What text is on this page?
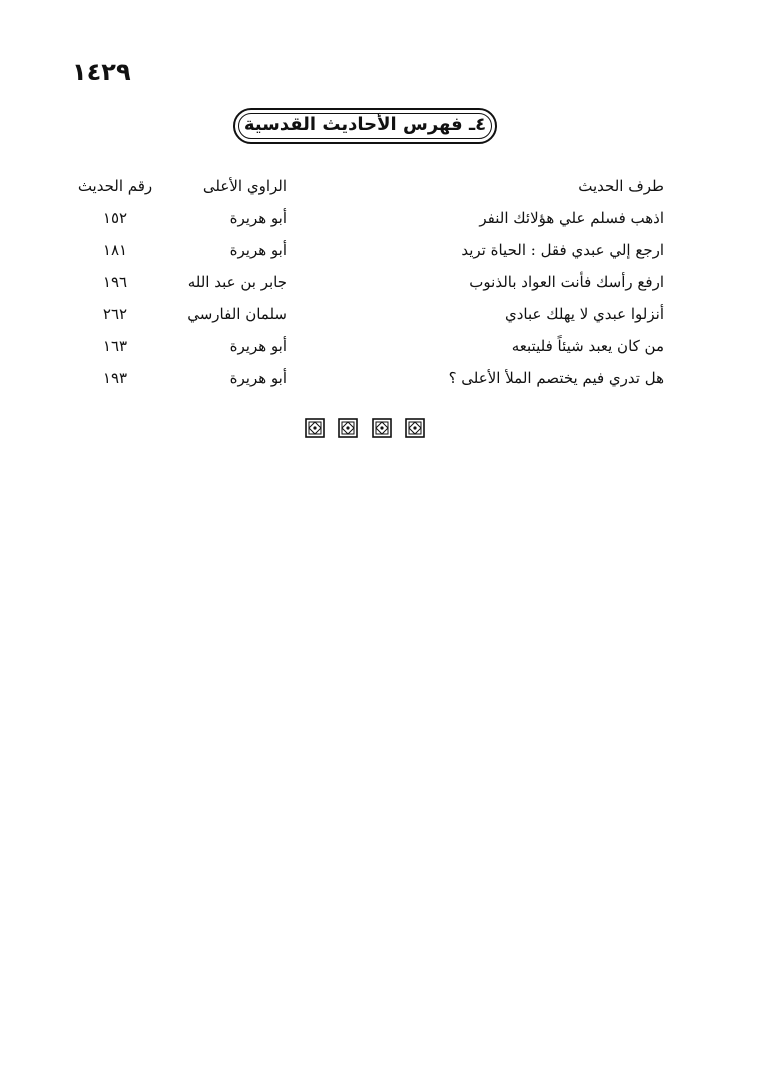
١٤٢٩
٤ـ فهرس الأحاديث القدسية
طرف الحديث
الراوي الأعلى
رقم الحديث
اذهب فسلم علي هؤلائك النفر
أبو هريرة
١٥٢
ارجع إلي عبدي فقل : الحياة تريد
أبو هريرة
١٨١
ارفع رأسك فأنت العواد بالذنوب
جابر بن عبد الله
١٩٦
أنزلوا عبدي لا يهلك عبادي
سلمان الفارسي
٢٦٢
من كان يعبد شيئاً فليتبعه
أبو هريرة
١٦٣
هل تدري فيم يختصم الملأ الأعلى ؟
أبو هريرة
١٩٣
